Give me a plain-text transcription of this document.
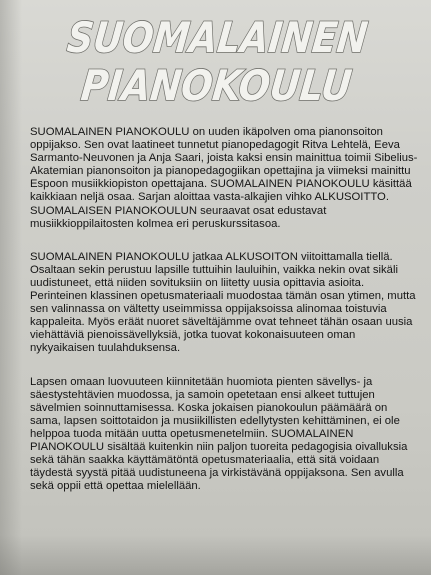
SUOMALAINEN
PIANOKOULU

SUOMALAINEN PIANOKOULU on uuden ikäpolven oma pianonsoiton oppijakso. Sen ovat laatineet tunnetut pianopedagogit Ritva Lehtelä, Eeva Sarmanto-Neuvonen ja Anja Saari, joista kaksi ensin mainittua toimii Sibelius-Akatemian pianonsoiton ja pianopedagogiikan opettajina ja viimeksi mainittu Espoon musiikkiopiston opettajana. SUOMALAINEN PIANOKOULU käsittää kaikkiaan neljä osaa. Sarjan aloittaa vasta-alkajien vihko ALKUSOITTO. SUOMALAISEN PIANOKOULUN seuraavat osat edustavat musiikkioppilaitosten kolmea eri peruskurssitasoa.

SUOMALAINEN PIANOKOULU jatkaa ALKUSOITON viitoittamalla tiellä. Osaltaan sekin perustuu lapsille tuttuihin lauluihin, vaikka nekin ovat sikäli uudistuneet, että niiden sovituksiin on liitetty uusia opittavia asioita. Perinteinen klassinen opetusmateriaali muodostaa tämän osan ytimen, mutta sen valinnassa on vältetty useimmissa oppijaksoissa alinomaa toistuvia kappaleita. Myös eräät nuoret säveltäjämme ovat tehneet tähän osaan uusia viehättäviä pienoissävellyksiä, jotka tuovat kokonaisuuteen oman nykyaikaisen tuulahduksensa.

Lapsen omaan luovuuteen kiinnitetään huomiota pienten sävellys- ja säestystehtävien muodossa, ja samoin opetetaan ensi alkeet tuttujen sävelmien soinnuttamisessa. Koska jokaisen pianokoulun päämäärä on sama, lapsen soittotaidon ja musiikillisten edellytysten kehittäminen, ei ole helppoa tuoda mitään uutta opetusmenetelmiin. SUOMALAINEN PIANOKOULU sisältää kuitenkin niin paljon tuoreita pedagogisia oivalluksia sekä tähän saakka käyttämätöntä opetusmateriaalia, että sitä voidaan täydestä syystä pitää uudistuneena ja virkistävänä oppijaksona. Sen avulla sekä oppii että opettaa mielellään.
